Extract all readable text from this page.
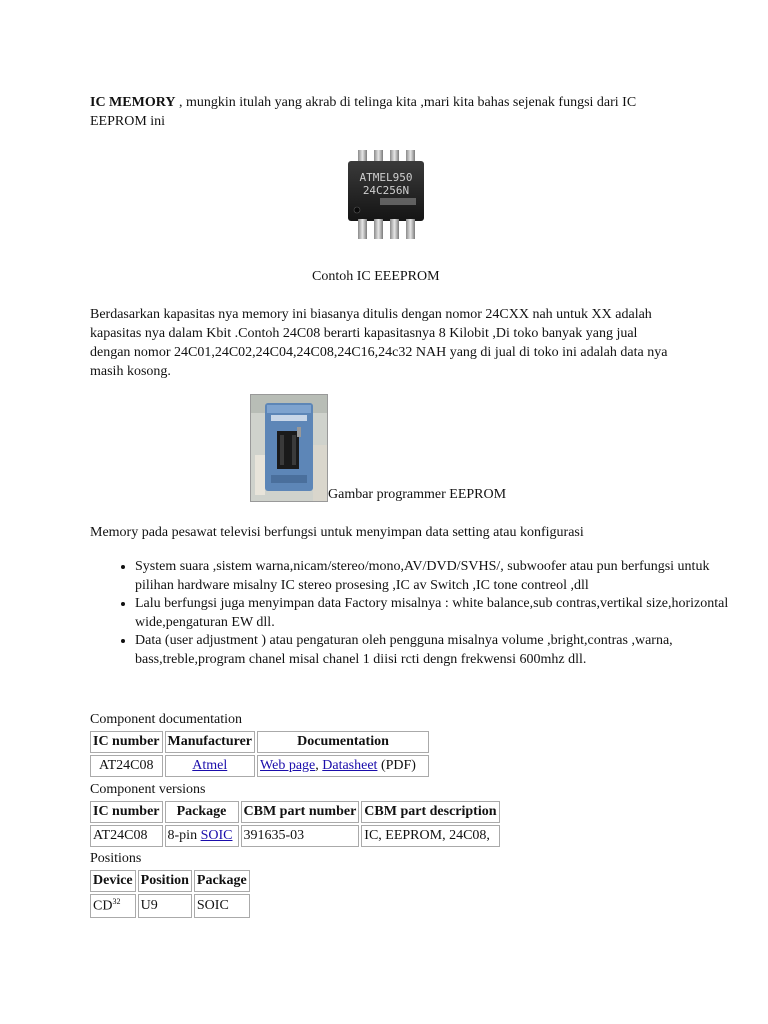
IC MEMORY , mungkin itulah yang akrab di telinga kita ,mari kita bahas sejenak fungsi dari IC EEPROM ini

ATMEL950
24C256N

Contoh IC EEEPROM

Berdasarkan kapasitas nya memory ini biasanya ditulis dengan nomor 24CXX nah untuk XX adalah kapasitas nya dalam Kbit .Contoh 24C08 berarti kapasitasnya 8 Kilobit ,Di toko banyak yang jual dengan nomor 24C01,24C02,24C04,24C08,24C16,24c32 NAH yang di jual di toko ini adalah data nya masih kosong.

Gambar programmer EEPROM

Memory pada pesawat televisi berfungsi untuk menyimpan data setting atau konfigurasi

• System suara ,sistem warna,nicam/stereo/mono,AV/DVD/SVHS/, subwoofer atau pun berfungsi untuk pilihan hardware misalny IC stereo prosesing ,IC av Switch ,IC tone contreol ,dll
• Lalu berfungsi juga menyimpan data Factory misalnya : white balance,sub contras,vertikal size,horizontal wide,pengaturan EW dll.
• Data (user adjustment ) atau pengaturan oleh pengguna misalnya volume ,bright,contras ,warna, bass,treble,program chanel misal chanel 1 diisi rcti dengn frekwensi 600mhz dll.

Component documentation

IC number	Manufacturer	Documentation
AT24C08	Atmel	Web page, Datasheet (PDF)

Component versions

IC number	Package	CBM part number	CBM part description
AT24C08	8-pin SOIC	391635-03	IC, EEPROM, 24C08,

Positions

Device	Position	Package
CD$^{32}$	U9	SOIC
